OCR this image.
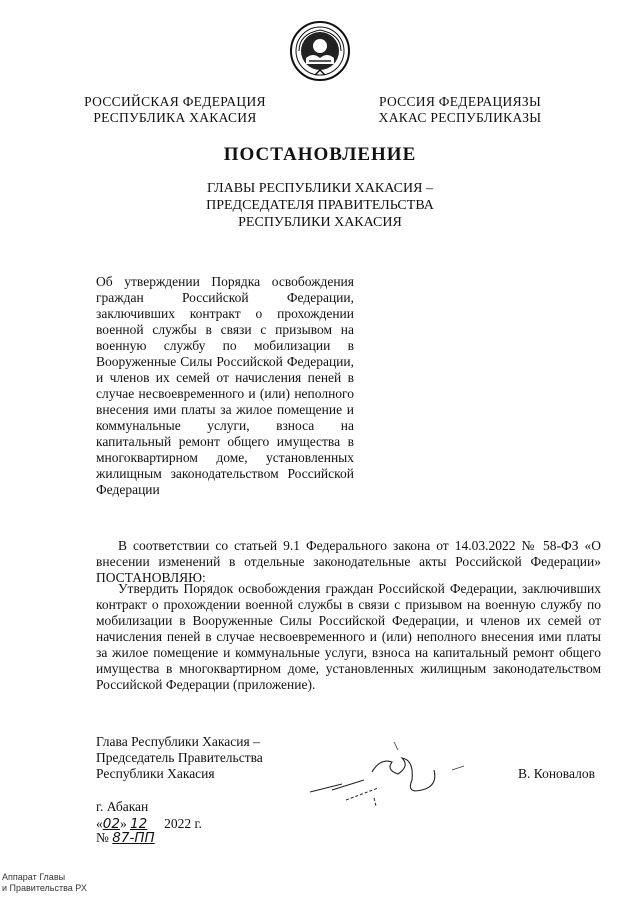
РОССИЙСКАЯ ФЕДЕРАЦИЯ
РЕСПУБЛИКА ХАКАСИЯ
РОССИЯ ФЕДЕРАЦИЯЗЫ
ХАКАС РЕСПУБЛИКАЗЫ
ПОСТАНОВЛЕНИЕ
ГЛАВЫ РЕСПУБЛИКИ ХАКАСИЯ –
ПРЕДСЕДАТЕЛЯ ПРАВИТЕЛЬСТВА
РЕСПУБЛИКИ ХАКАСИЯ
Об утверждении Порядка освобождения граждан Российской Федерации, заключивших контракт о прохождении военной службы в связи с призывом на военную службу по мобилизации в Вооруженные Силы Российской Федерации, и членов их семей от начисления пеней в случае несвоевременного и (или) неполного внесения ими платы за жилое помещение и коммунальные услуги, взноса на капитальный ремонт общего имущества в многоквартирном доме, установленных жилищным законодательством Российской Федерации

В соответствии со статьей 9.1 Федерального закона от 14.03.2022 № 58-ФЗ «О внесении изменений в отдельные законодательные акты Российской Федерации» ПОСТАНОВЛЯЮ:

Утвердить Порядок освобождения граждан Российской Федерации, заключивших контракт о прохождении военной службы в связи с призывом на военную службу по мобилизации в Вооруженные Силы Российской Федерации, и членов их семей от начисления пеней в случае несвоевременного и (или) неполного внесения ими платы за жилое помещение и коммунальные услуги, взноса на капитальный ремонт общего имущества в многоквартирном доме, установленных жилищным законодательством Российской Федерации (приложение).

Глава Республики Хакасия –
Председатель Правительства
Республики Хакасия	В. Коновалов
г. Абакан
«02» 12 2022 г.
№ 87-ПП
Аппарат Главы
и Правительства РХ
